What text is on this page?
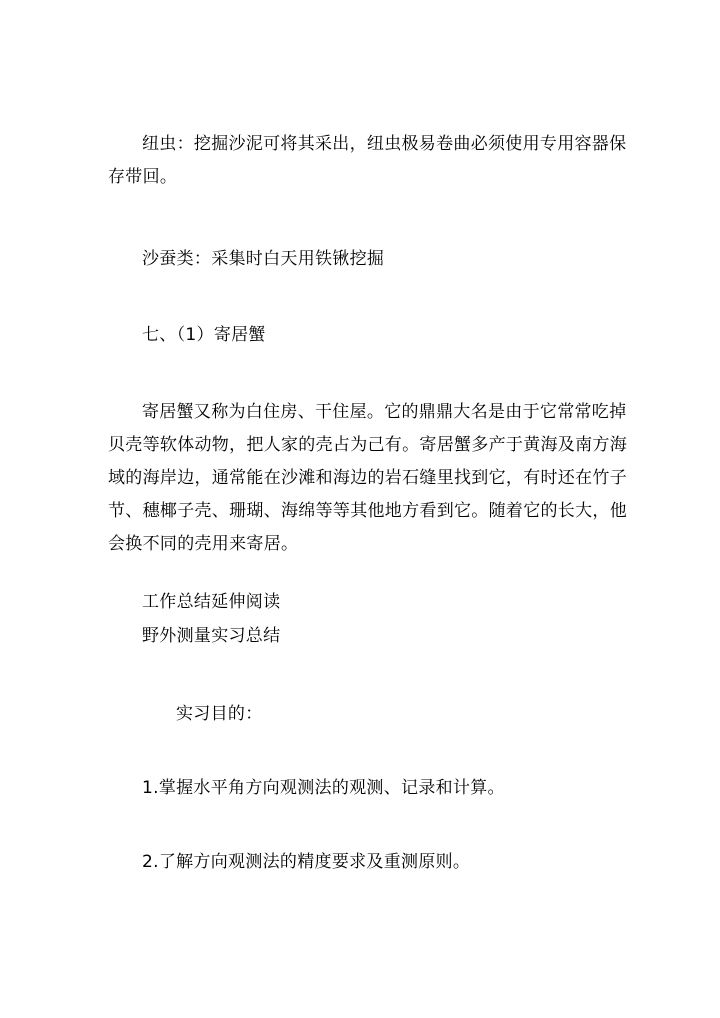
纽虫：挖掘沙泥可将其采出，纽虫极易卷曲必须使用专用容器保
存带回。
沙蚕类：采集时白天用铁锹挖掘
七、（1）寄居蟹
寄居蟹又称为白住房、干住屋。它的鼎鼎大名是由于它常常吃掉
贝壳等软体动物，把人家的壳占为己有。寄居蟹多产于黄海及南方海
域的海岸边，通常能在沙滩和海边的岩石缝里找到它，有时还在竹子
节、穗椰子壳、珊瑚、海绵等等其他地方看到它。随着它的长大，他
会换不同的壳用来寄居。
工作总结延伸阅读
野外测量实习总结
实习目的：
1.掌握水平角方向观测法的观测、记录和计算。
2.了解方向观测法的精度要求及重测原则。
